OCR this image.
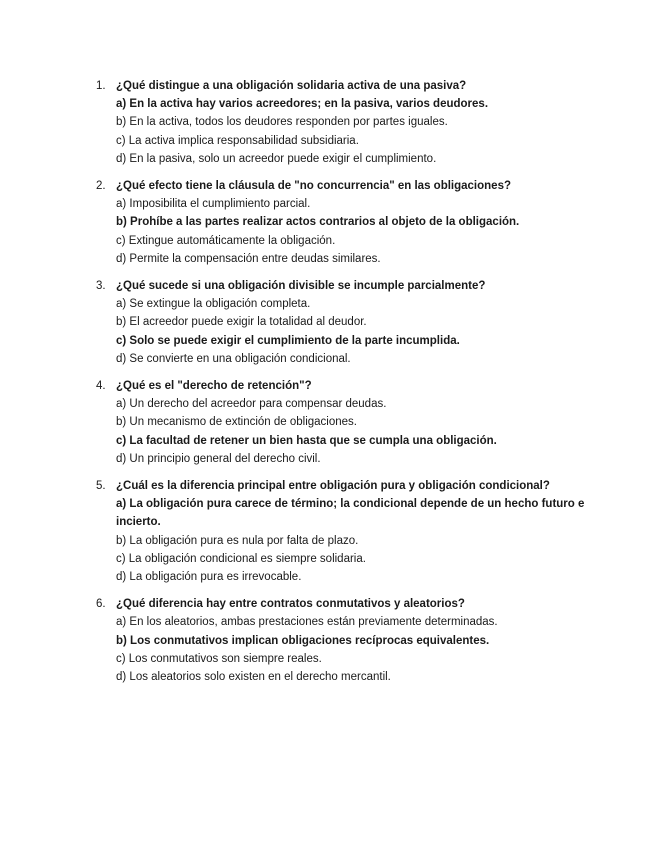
1. ¿Qué distingue a una obligación solidaria activa de una pasiva?

a) En la activa hay varios acreedores; en la pasiva, varios deudores.
b) En la activa, todos los deudores responden por partes iguales.
c) La activa implica responsabilidad subsidiaria.
d) En la pasiva, solo un acreedor puede exigir el cumplimiento.
2. ¿Qué efecto tiene la cláusula de "no concurrencia" en las obligaciones?

a) Imposibilita el cumplimiento parcial.
b) Prohíbe a las partes realizar actos contrarios al objeto de la obligación.
c) Extingue automáticamente la obligación.
d) Permite la compensación entre deudas similares.
3. ¿Qué sucede si una obligación divisible se incumple parcialmente?

a) Se extingue la obligación completa.
b) El acreedor puede exigir la totalidad al deudor.
c) Solo se puede exigir el cumplimiento de la parte incumplida.
d) Se convierte en una obligación condicional.
4. ¿Qué es el "derecho de retención"?

a) Un derecho del acreedor para compensar deudas.
b) Un mecanismo de extinción de obligaciones.
c) La facultad de retener un bien hasta que se cumpla una obligación.
d) Un principio general del derecho civil.
5. ¿Cuál es la diferencia principal entre obligación pura y obligación condicional?

a) La obligación pura carece de término; la condicional depende de un hecho futuro e incierto.
b) La obligación pura es nula por falta de plazo.
c) La obligación condicional es siempre solidaria.
d) La obligación pura es irrevocable.
6. ¿Qué diferencia hay entre contratos conmutativos y aleatorios?

a) En los aleatorios, ambas prestaciones están previamente determinadas.
b) Los conmutativos implican obligaciones recíprocas equivalentes.
c) Los conmutativos son siempre reales.
d) Los aleatorios solo existen en el derecho mercantil.
